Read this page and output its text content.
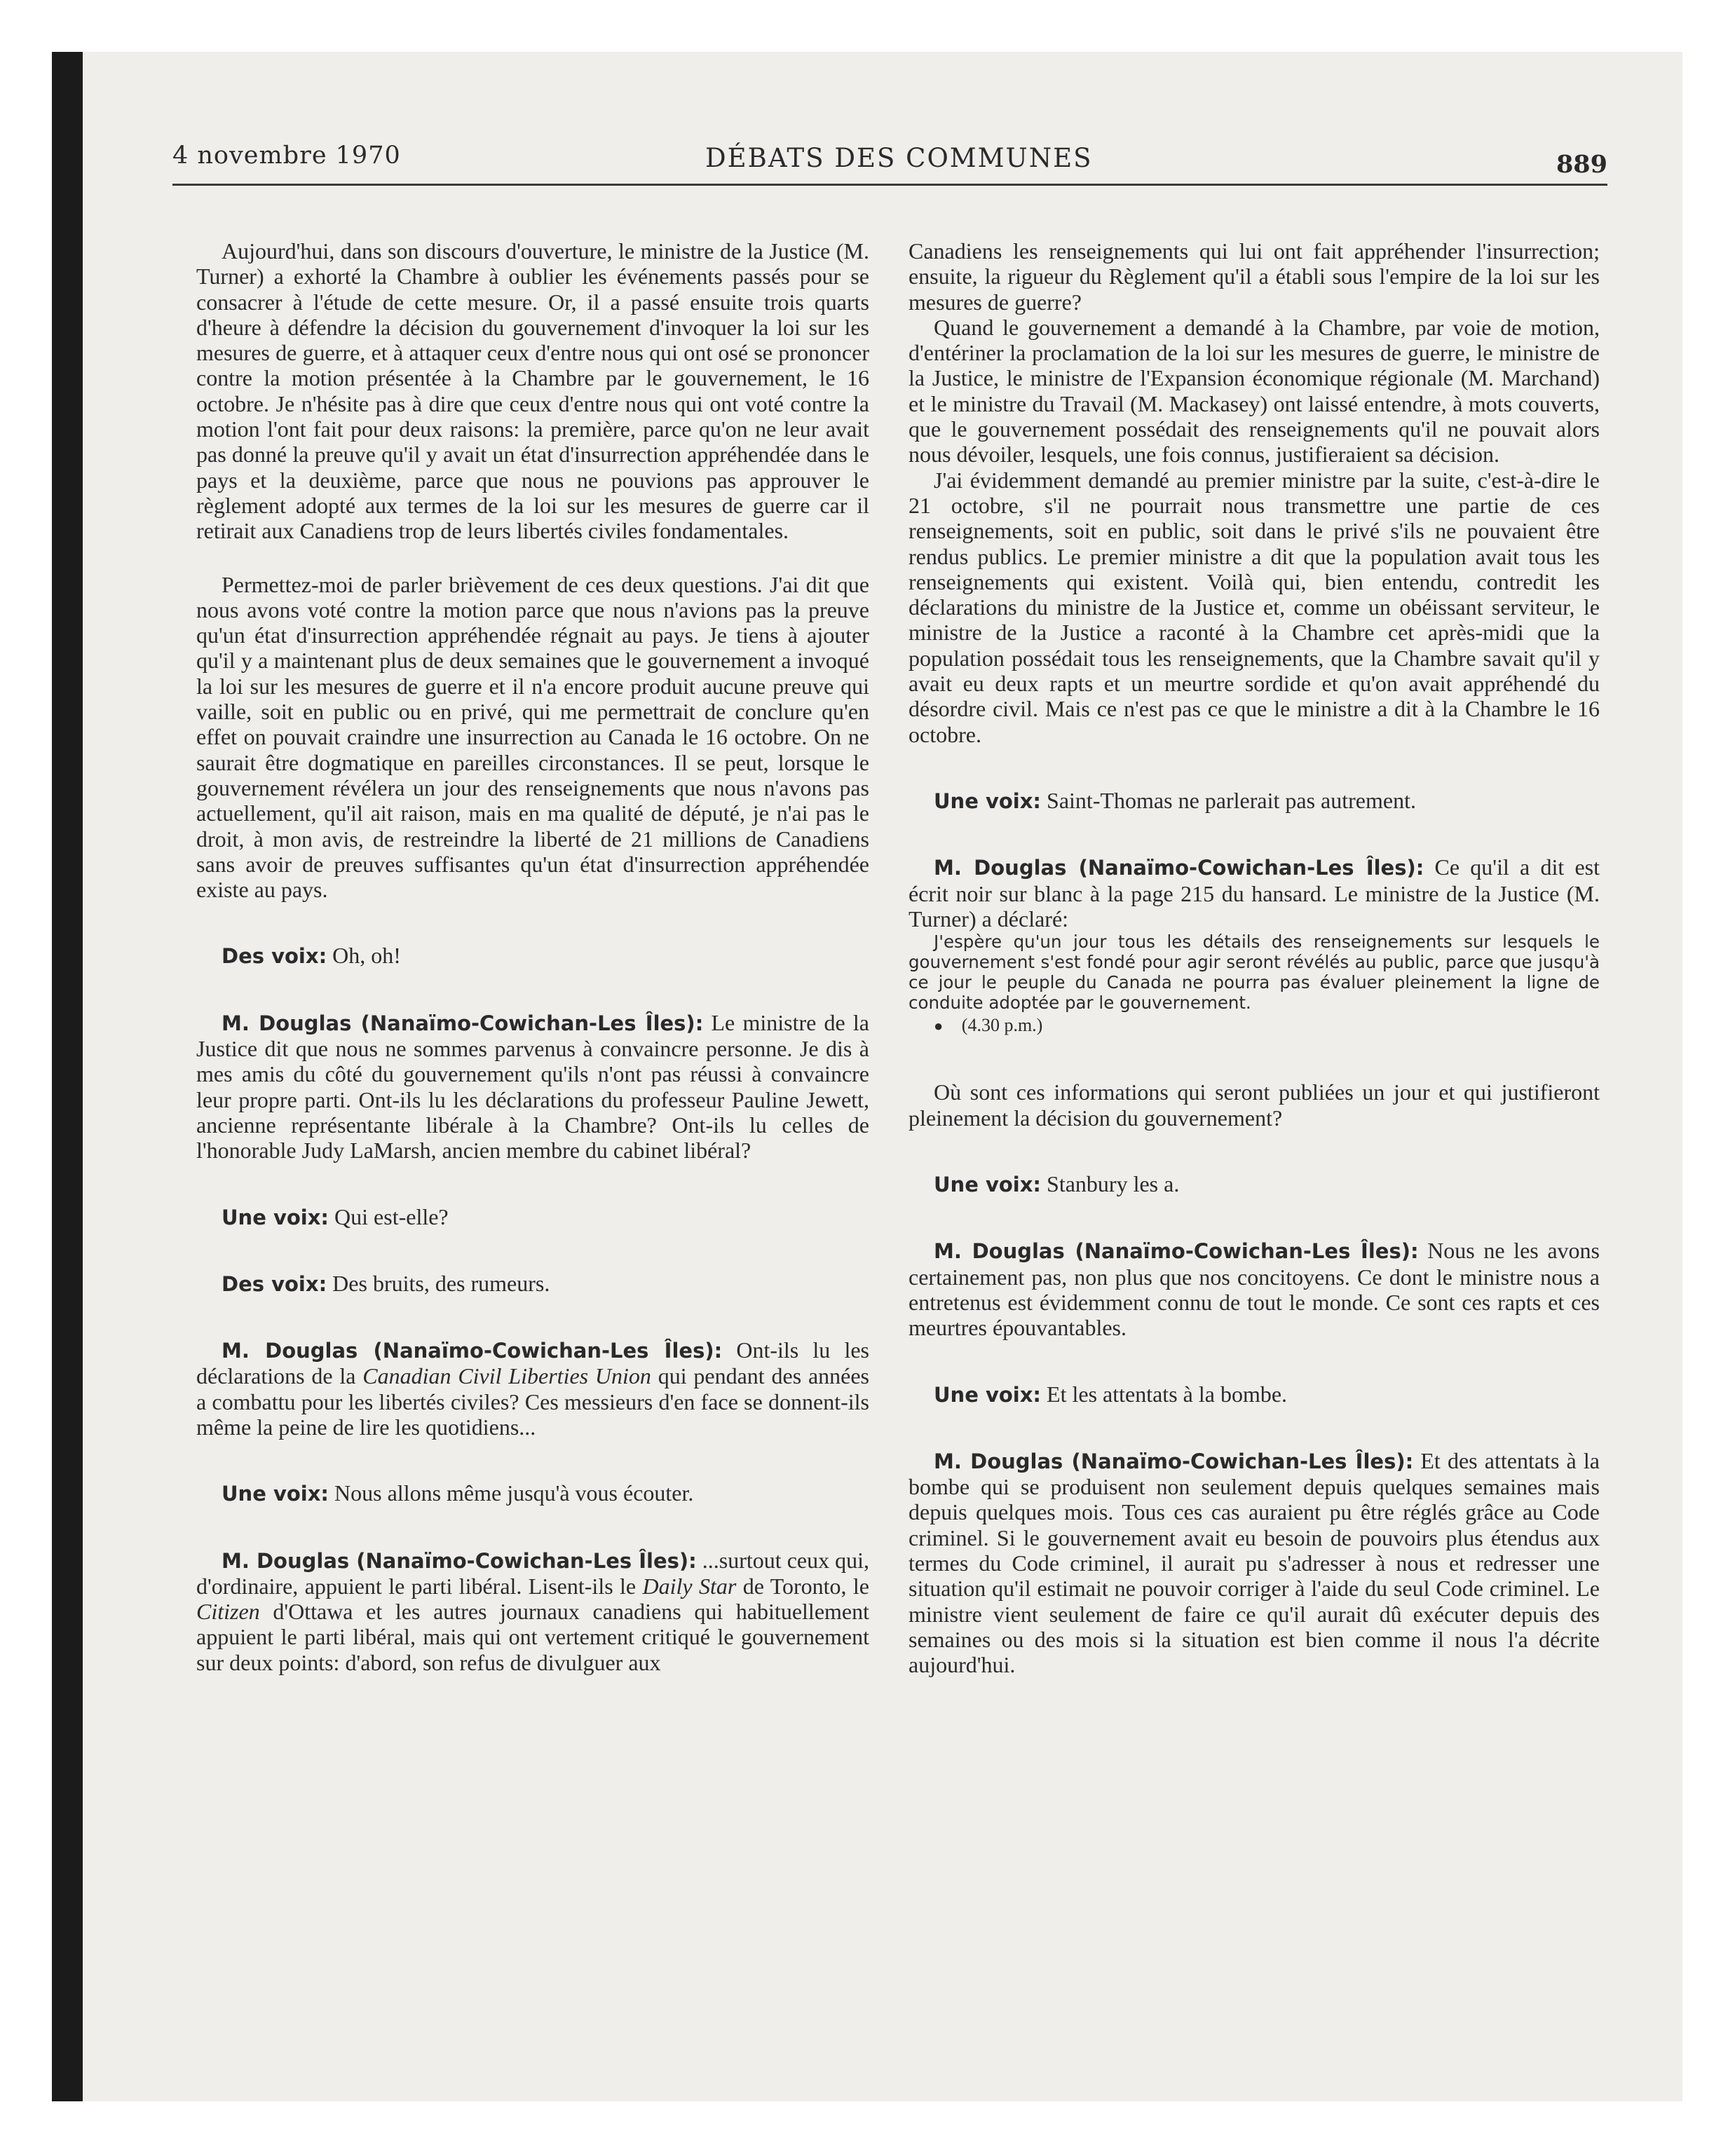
4 novembre 1970	DÉBATS DES COMMUNES	889

Aujourd'hui, dans son discours d'ouverture, le ministre de la Justice (M. Turner) a exhorté la Chambre à oublier les événements passés pour se consacrer à l'étude de cette mesure. Or, il a passé ensuite trois quarts d'heure à défendre la décision du gouvernement d'invoquer la loi sur les mesures de guerre, et à attaquer ceux d'entre nous qui ont osé se prononcer contre la motion présentée à la Chambre par le gouvernement, le 16 octobre. Je n'hésite pas à dire que ceux d'entre nous qui ont voté contre la motion l'ont fait pour deux raisons: la première, parce qu'on ne leur avait pas donné la preuve qu'il y avait un état d'insurrection appréhendée dans le pays et la deuxième, parce que nous ne pouvions pas approuver le règlement adopté aux termes de la loi sur les mesures de guerre car il retirait aux Canadiens trop de leurs libertés civiles fondamentales.

Permettez-moi de parler brièvement de ces deux questions. J'ai dit que nous avons voté contre la motion parce que nous n'avions pas la preuve qu'un état d'insurrection appréhendée régnait au pays. Je tiens à ajouter qu'il y a maintenant plus de deux semaines que le gouvernement a invoqué la loi sur les mesures de guerre et il n'a encore produit aucune preuve qui vaille, soit en public ou en privé, qui me permettrait de conclure qu'en effet on pouvait craindre une insurrection au Canada le 16 octobre. On ne saurait être dogmatique en pareilles circonstances. Il se peut, lorsque le gouvernement révélera un jour des renseignements que nous n'avons pas actuellement, qu'il ait raison, mais en ma qualité de député, je n'ai pas le droit, à mon avis, de restreindre la liberté de 21 millions de Canadiens sans avoir de preuves suffisantes qu'un état d'insurrection appréhendée existe au pays.

Des voix: Oh, oh!

M. Douglas (Nanaïmo-Cowichan-Les Îles): Le ministre de la Justice dit que nous ne sommes parvenus à convaincre personne. Je dis à mes amis du côté du gouvernement qu'ils n'ont pas réussi à convaincre leur propre parti. Ont-ils lu les déclarations du professeur Pauline Jewett, ancienne représentante libérale à la Chambre? Ont-ils lu celles de l'honorable Judy LaMarsh, ancien membre du cabinet libéral?

Une voix: Qui est-elle?

Des voix: Des bruits, des rumeurs.

M. Douglas (Nanaïmo-Cowichan-Les Îles): Ont-ils lu les déclarations de la Canadian Civil Liberties Union qui pendant des années a combattu pour les libertés civiles? Ces messieurs d'en face se donnent-ils même la peine de lire les quotidiens...

Une voix: Nous allons même jusqu'à vous écouter.

M. Douglas (Nanaïmo-Cowichan-Les Îles): ...surtout ceux qui, d'ordinaire, appuient le parti libéral. Lisent-ils le Daily Star de Toronto, le Citizen d'Ottawa et les autres journaux canadiens qui habituellement appuient le parti libéral, mais qui ont vertement critiqué le gouvernement sur deux points: d'abord, son refus de divulguer aux

Canadiens les renseignements qui lui ont fait appréhender l'insurrection; ensuite, la rigueur du Règlement qu'il a établi sous l'empire de la loi sur les mesures de guerre?

Quand le gouvernement a demandé à la Chambre, par voie de motion, d'entériner la proclamation de la loi sur les mesures de guerre, le ministre de la Justice, le ministre de l'Expansion économique régionale (M. Marchand) et le ministre du Travail (M. Mackasey) ont laissé entendre, à mots couverts, que le gouvernement possédait des renseignements qu'il ne pouvait alors nous dévoiler, lesquels, une fois connus, justifieraient sa décision.

J'ai évidemment demandé au premier ministre par la suite, c'est-à-dire le 21 octobre, s'il ne pourrait nous transmettre une partie de ces renseignements, soit en public, soit dans le privé s'ils ne pouvaient être rendus publics. Le premier ministre a dit que la population avait tous les renseignements qui existent. Voilà qui, bien entendu, contredit les déclarations du ministre de la Justice et, comme un obéissant serviteur, le ministre de la Justice a raconté à la Chambre cet après-midi que la population possédait tous les renseignements, que la Chambre savait qu'il y avait eu deux rapts et un meurtre sordide et qu'on avait appréhendé du désordre civil. Mais ce n'est pas ce que le ministre a dit à la Chambre le 16 octobre.

Une voix: Saint-Thomas ne parlerait pas autrement.

M. Douglas (Nanaïmo-Cowichan-Les Îles): Ce qu'il a dit est écrit noir sur blanc à la page 215 du hansard. Le ministre de la Justice (M. Turner) a déclaré:

J'espère qu'un jour tous les détails des renseignements sur lesquels le gouvernement s'est fondé pour agir seront révélés au public, parce que jusqu'à ce jour le peuple du Canada ne pourra pas évaluer pleinement la ligne de conduite adoptée par le gouvernement.

● (4.30 p.m.)

Où sont ces informations qui seront publiées un jour et qui justifieront pleinement la décision du gouvernement?

Une voix: Stanbury les a.

M. Douglas (Nanaïmo-Cowichan-Les Îles): Nous ne les avons certainement pas, non plus que nos concitoyens. Ce dont le ministre nous a entretenus est évidemment connu de tout le monde. Ce sont ces rapts et ces meurtres épouvantables.

Une voix: Et les attentats à la bombe.

M. Douglas (Nanaïmo-Cowichan-Les Îles): Et des attentats à la bombe qui se produisent non seulement depuis quelques semaines mais depuis quelques mois. Tous ces cas auraient pu être réglés grâce au Code criminel. Si le gouvernement avait eu besoin de pouvoirs plus étendus aux termes du Code criminel, il aurait pu s'adresser à nous et redresser une situation qu'il estimait ne pouvoir corriger à l'aide du seul Code criminel. Le ministre vient seulement de faire ce qu'il aurait dû exécuter depuis des semaines ou des mois si la situation est bien comme il nous l'a décrite aujourd'hui.
